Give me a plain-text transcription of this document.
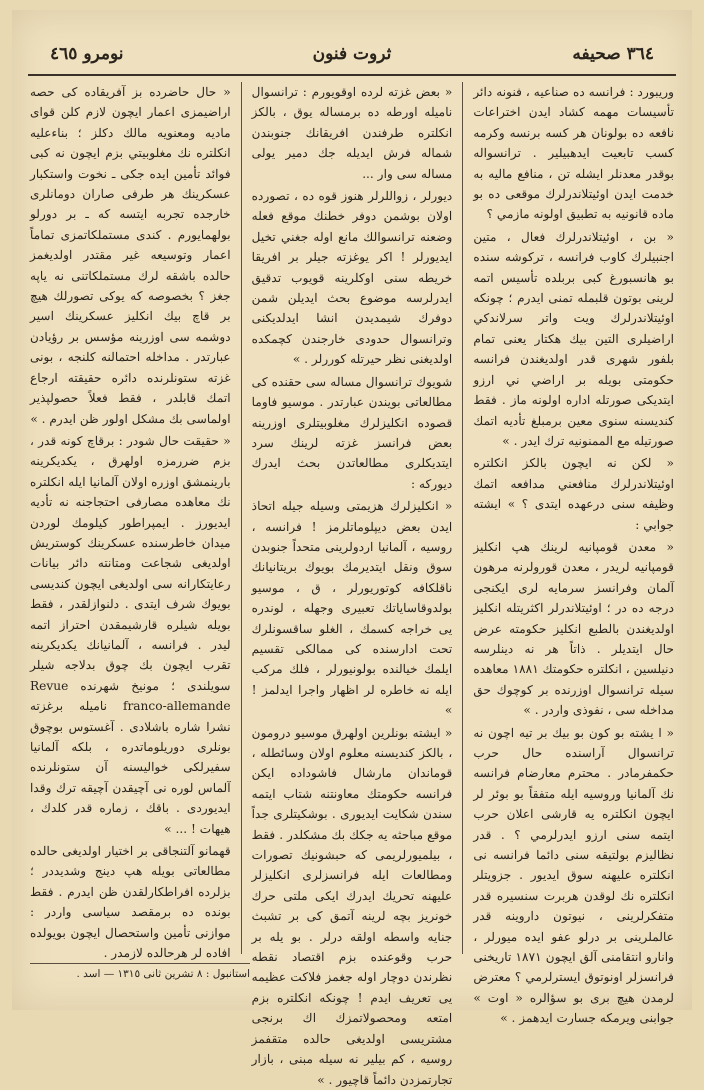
٣٦٤ صحيفه
ثروت فنون
نومرو ٤٦٥

وريبورد : فرانسه ده صناعيه ، فنونه دائر تأسيسات مهمه كشاد ايدن اختراعات نافعه ده بولونان هر كسه برنسه وكرمه كسب تابعيت ايدهبيلير . ترانسواله بوقدر معدنلر ايشله تن ، منافع ماليه به خدمت ايدن اوئيتلاندرلرك موقعى ده بو ماده قانونيه به تطبيق اولونه مازمي ؟

« بن ، اوئيتلاندرلرك فعال ، متين اجنبيلرك كاوب فرانسه ، تركوشه سنده بو هانسبورغ كبى بربلده تأسيس اتمه لرينى بوتون قلبمله تمنى ايدرم ؛ چونكه اوئيتلاندرلرك ويت واتر سرلاندكي اراضيلرى التين بيك هكتار يعنى تمام بلفور شهرى قدر اولديغندن فرانسه حكومتى بويله بر اراضي ني ارزو ايتديكى صورتله اداره اولونه ماز . فقط كنديسنه سنوى معين برمبلغ تأديه اتمك صورتيله مع الممنونيه ترك ايدر . »

« لكن نه ايچون بالكز انكلتره اوئيتلاندرلرك منافعني مدافعه اتمك وظيفه سنى درعهده ايتدى ؟ » ايشته جوابي :

« معدن قومپانيه لرينك هپ انكليز قومپانيه لريدر ، معدن قورولرنه مرهون آلمان وفرانسز سرمايه لرى ايكنجى درجه ده در ؛ اوئيتلاندرلر اكثريتله انكليز اولديغندن بالطبع انكليز حكومته عرض حال ايتديلر . ذاتاً هر نه دينلرسه دنيلسين ، انكلتره حكومتك ١٨٨١ معاهده سيله ترانسوال اوزرنده بر كوچوك حق مداخله سى ، نفوذى واردر . »

« ا يشته بو كون بو بيك بر تيه اچون نه ترانسوال آراسنده حال حرب حكمفرمادر . محترم معارضام فرانسه نك آلمانيا وروسيه ايله متفقاً بو بوئر لر ايچون انكلتره يه قارشى اعلان حرب ايتمه سنى ارزو ايدرلرمي ؟ . قدر نظاليزم بولتيقه سنى دائما فرانسه نى انكلتره عليهنه سوق ايديور . جزويتلر انكلتره نك لوقدن هربرت سنسيره قدر متفكرلرينى ، نيوتون داروينه قدر عالملرينى بر درلو عفو ايده ميورلر ، وانارو انتقامنى آلق ايچون ١٨٧١ تاريخنى فرانسزلر اونوتوق ايسترلرمي ؟ معترض لرمدن هيچ برى بو سؤالره « اوت » جوابنى ويرمكه جسارت ايدهمز . »

« بعض غزته لرده اوقويورم : ترانسوال ناميله اورطه ده برمساله يوق ، بالكز انكلتره طرفندن افريقانك جنوبندن شماله فرش ايديله جك دمير يولى مساله سى وار ...

ديورلر ، زواللرلر هنوز قوه ده ، تصورده اولان بوشمن دوفر خطنك موقع فعله وضعنه ترانسوالك مانع اوله جغني تخيل ايديورلر ! اكر يوغزته جيلر بر افريقا خريطه سنى اوكلرينه قويوب تدقيق ايدرلرسه موضوع بحث ايديلن شمن دوفرك شيمديدن انشا ايدلديكنى وترانسوال حدودى خارجندن كچمكده اولديغنى نظر حيرتله كوررلر . »

شويوك ترانسوال مساله سى حقنده كى مطالعاتى بويندن عبارتدر . موسيو فاوما قصوده انكليزلرك مغلوبيتلرى اوزرينه بعض فرانسز غزته لرينك سرد ايتديكلرى مطالعاتدن بحث ايدرك ديوركه :

« انكليزلرك هزيمتى وسيله جيله اتحاذ ايدن بعض ديپلوماتلرمز ! فرانسه ، روسيه ، آلمانيا اردولرينى متحداً جنوبدن سوق ونقل ايتديرمك بويوك بريتانيانك ناقلكافه كوتوريورلر ، ق ، موسيو بولدوقاساياتك تعبيرى وجهله ، لوندره يى خراجه كسمك ، الغلو ساقسونلرك تحت ادارسنده كى ممالكى تقسيم ايلمك خيالنده بولونيورلر ، فلك مركب ايله نه خاطره لر اظهار واجرا ايدلمز ! »

« ايشته بونلرين اولهرق موسيو درومون ، بالكز كنديسنه معلوم اولان وسائطله ، قوماندان مارشال فاشوداده ايكن فرانسه حكومتك معاونتنه شتاب ايتمه سندن شكايت ايديورى . بوشكيتلرى جداً موقع مباحثه يه جكك بك مشكلدر . فقط ، بيلميورلريمى كه حبشونيك تصورات ومطالعات ايله فرانسزلرى انكليزلر عليهنه تحريك ايدرك ايكى ملتى حرك خونريز بچه لرينه آتمق كى بر تشبث جنايه واسطه اولقه درلر . بو يله بر حرب وقوعنده بزم اقتصاد نقطه نظرندن دوچار اوله جغمز فلاكت عظيمه يى تعريف ايدم ! چونكه انكلتره بزم امتعه ومحصولاتمزك اك برنجى مشتريسى اولديغى حالده متقفمز روسيه ، كم بيلير نه سيله مبنى ، بازار تجارتمزدن دائماً قاچيور . »

« حال حاضرده بز آفريقاده كى حصه اراضيمزى اعمار ايچون لازم كلن قواى ماديه ومعنويه مالك دكلز ؛ بناءعليه انكلتره نك مغلوبيتي بزم ايچون نه كبى فوائد تأمين ايده جكى ـ نخوت واستكبار عسكرينك هر طرفى صاران دومانلرى خارجده تجربه ايتسه كه ـ بر دورلو بولهمايورم . كندى مستملكاتمزى تماماً اعمار وتوسيعه غير مقتدر اولديغمز حالده باشقه لرك مستملكاتنى نه ياپه جغز ؟ بخصوصه كه يوكى تصورلك هيچ بر قاچ بيك انكليز عسكرينك اسير دوشمه سى اوزرينه مؤسس بر رؤيادن عبارتدر . مداخله احتمالنه كلنجه ، بونى غزته ستونلرنده دائره حقيقته ارجاع اتمك قابلدر ، فقط فعلاً حصولپذير اولماسى بك مشكل اولور ظن ايدرم . »

« حقيقت حال شودر : برقاچ كونه قدر ، بزم ضررمزه اولهرق ، يكديكرينه بارينمشق اوزره اولان آلمانيا ايله انكلتره نك معاهده مصارفى احتجاجنه نه تأديه ايديورز . ايمپراطور كيلومك لوردن ميدان خاطرسنده عسكرينك كوستريش اولديغى شجاعت ومتانته دائر بيانات رعايتكارانه سى اولديغى ايچون كنديسى بويوك شرف ايتدى . دلنوازلقدر ، فقط بويله شيلره قارشيمقدن احتراز اتمه ليدر . فرانسه ، آلمانيانك يكديكرينه تقرب ايچون بك چوق بدلاجه شيلر سويلندى ؛ مونيخ شهرنده Revue franco-allemande ناميله برغزته نشرا شاره باشلادى . آغستوس بوچوق بونلرى دوريلوماتدره ، بلكه آلمانيا سفيرلكى خواليسنه آن ستونلرنده آلماس لوره نى آچيقدن آچيقه ترك وقدا ايديوردى . باقك ، زماره قدر كلدك ، هيهات ! ... »

قهمانو آلتنجاقى بر اختيار اولديغى حالده مطالعاتى بويله هپ دينج وشديددر ؛ بزلرده افراطكارلقدن ظن ايدرم . فقط بونده ده برمقصد سياسى واردر : موازنى تأمين واستحصال ايچون بويولده افاده لر هرحالده لازمدر .

استانبول : ٨ تشرين ثانى ١٣١٥ — اسد .
